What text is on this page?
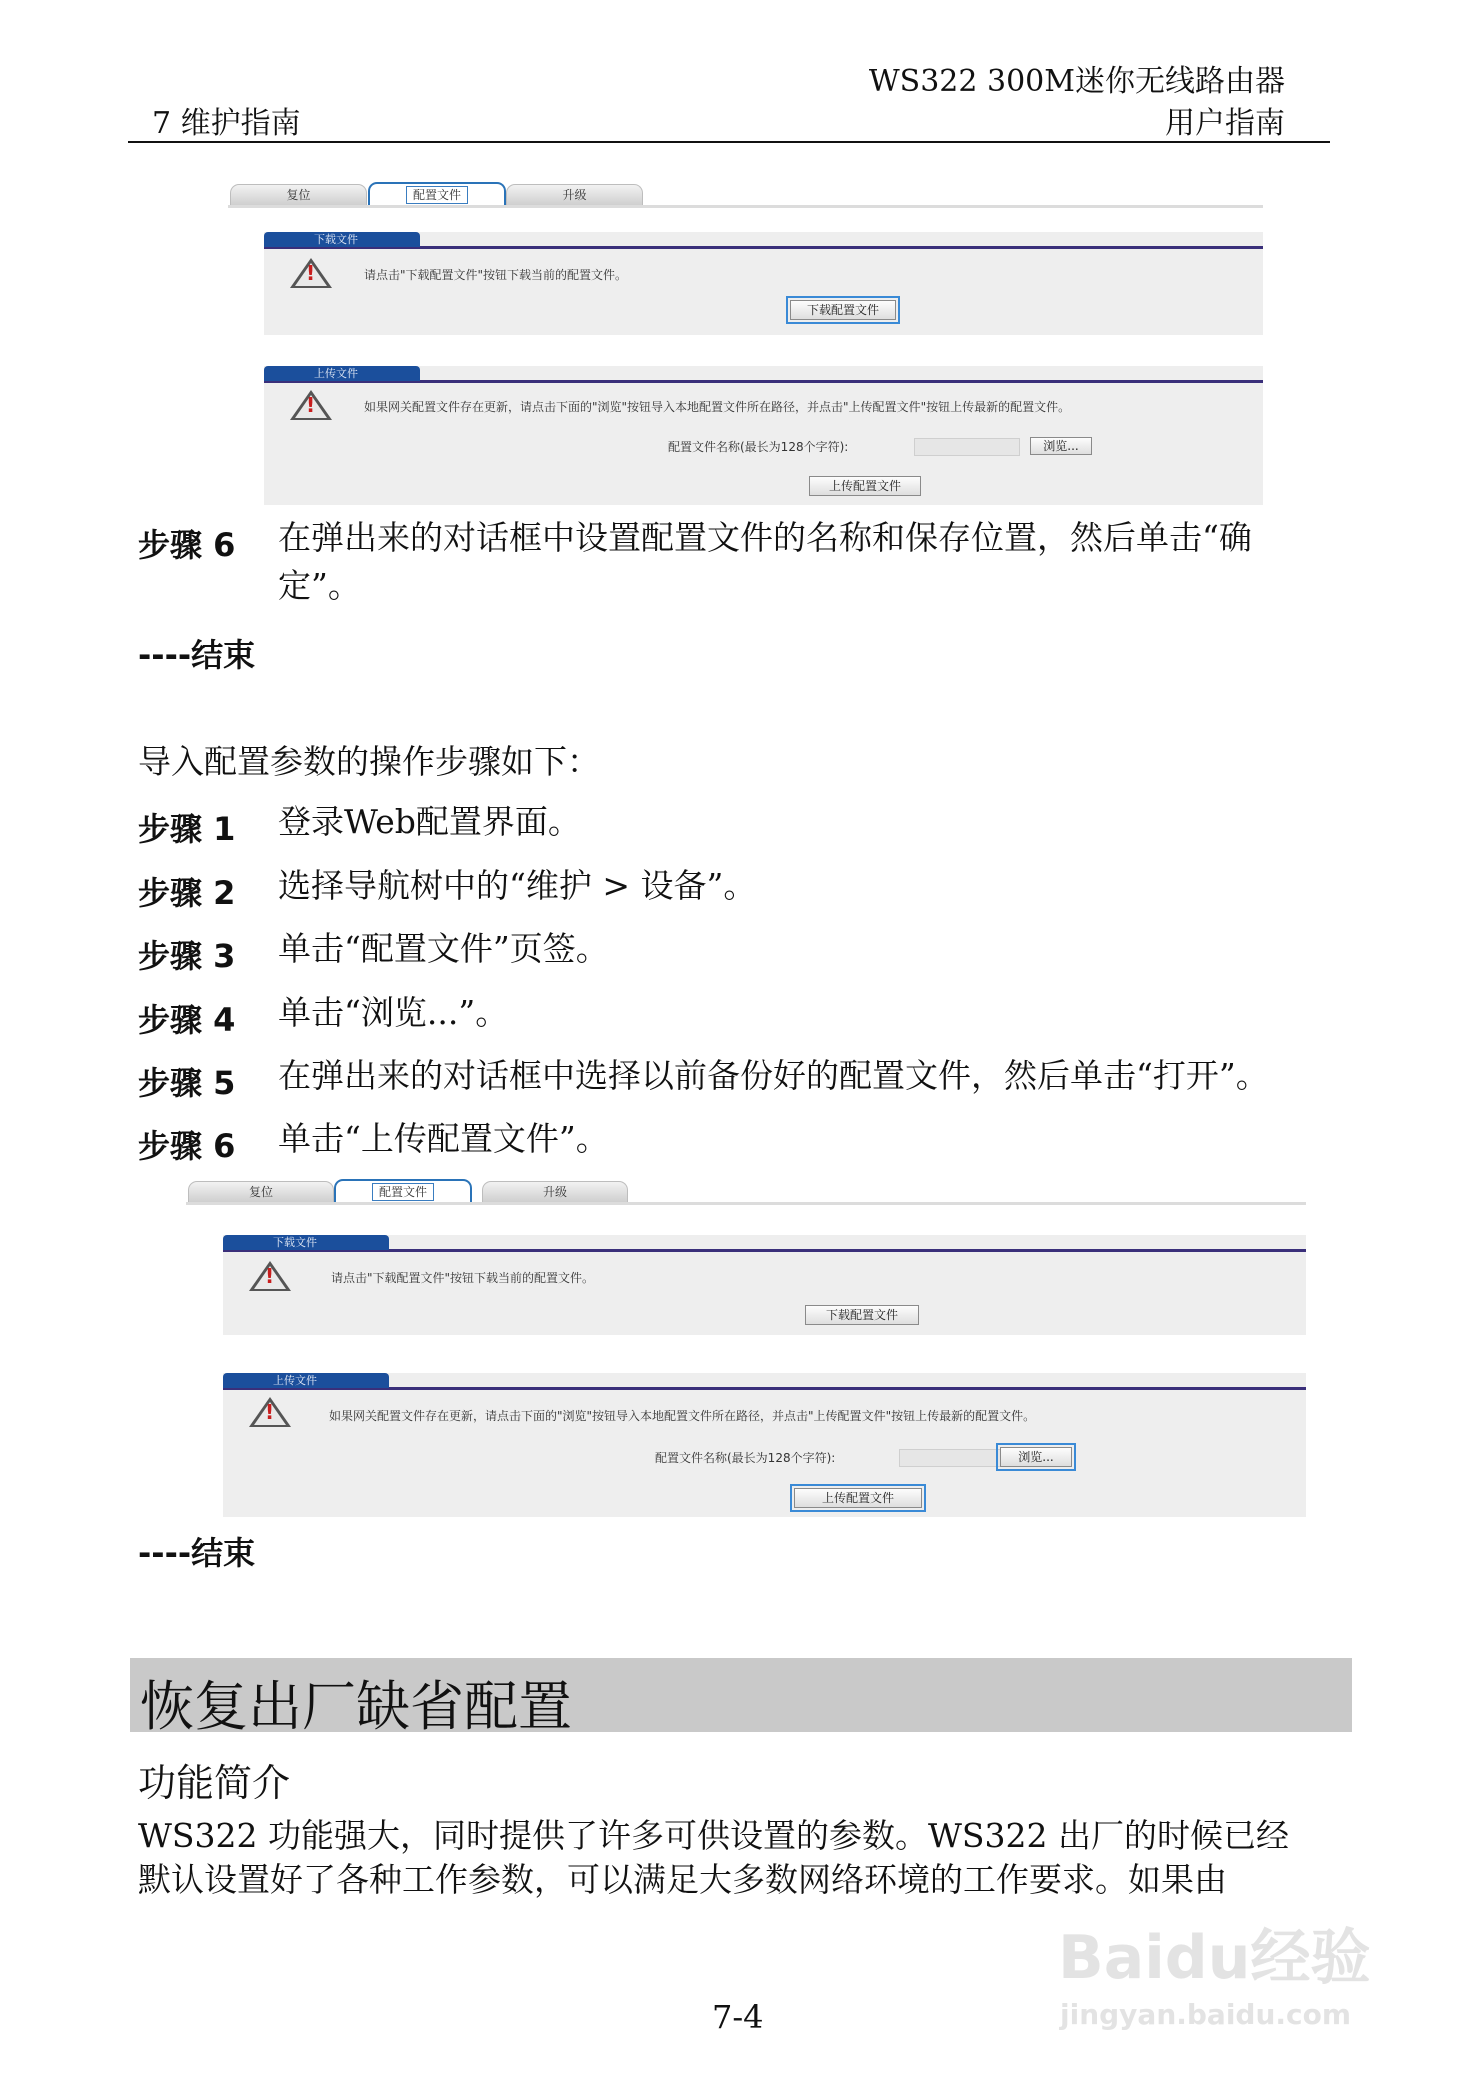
WS322 300M迷你无线路由器
7 维护指南	用户指南
复位	配置文件	升级
下载文件
!	请点击"下载配置文件"按钮下载当前的配置文件。
下载配置文件
上传文件
!	如果网关配置文件存在更新，请点击下面的"浏览"按钮导入本地配置文件所在路径，并点击"上传配置文件"按钮上传最新的配置文件。
配置文件名称(最长为128个字符):	浏览...
上传配置文件
步骤 6 在弹出来的对话框中设置配置文件的名称和保存位置，然后单击“确
定”。
----结束
导入配置参数的操作步骤如下：
步骤 1 登录Web配置界面。
步骤 2 选择导航树中的“维护 > 设备”。
步骤 3 单击“配置文件”页签。
步骤 4 单击“浏览...”。
步骤 5 在弹出来的对话框中选择以前备份好的配置文件，然后单击“打开”。
步骤 6 单击“上传配置文件”。
复位	配置文件	升级
下载文件
!	请点击"下载配置文件"按钮下载当前的配置文件。
下载配置文件
上传文件
!	如果网关配置文件存在更新，请点击下面的"浏览"按钮导入本地配置文件所在路径，并点击"上传配置文件"按钮上传最新的配置文件。
配置文件名称(最长为128个字符):	浏览...
上传配置文件
----结束
恢复出厂缺省配置
功能简介
WS322 功能强大，同时提供了许多可供设置的参数。WS322 出厂的时候已经
默认设置好了各种工作参数，可以满足大多数网络环境的工作要求。如果由
7-4
Baidu经验
jingyan.baidu.com
